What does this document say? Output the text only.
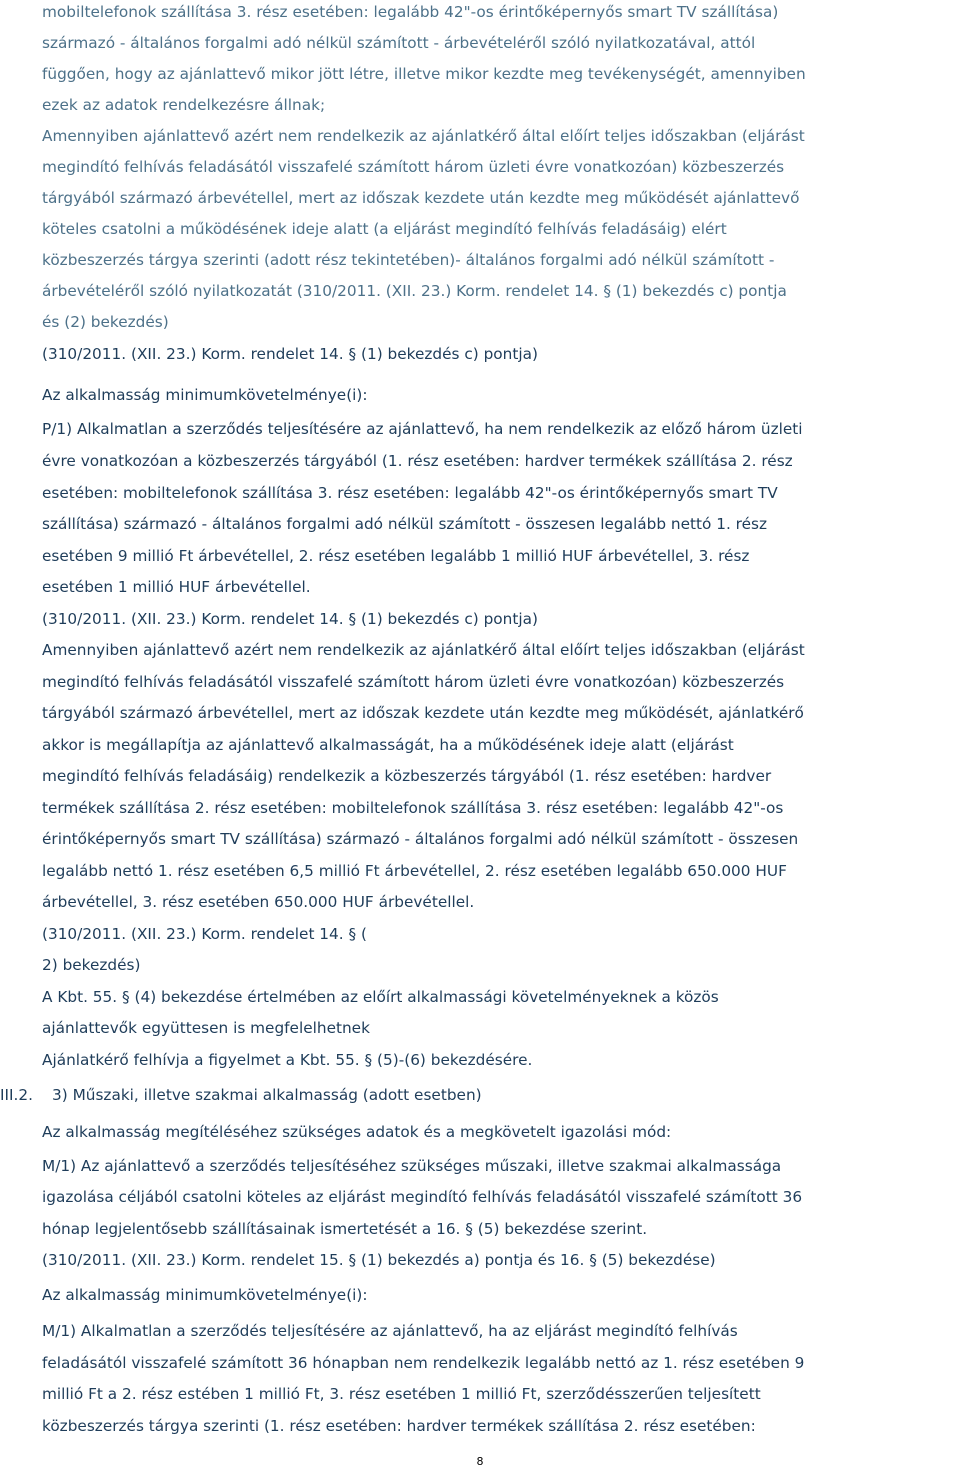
mobiltelefonok szállítása 3. rész esetében: legalább 42"-os érintőképernyős smart TV szállítása)
származó - általános forgalmi adó nélkül számított - árbevételéről szóló nyilatkozatával, attól
függően, hogy az ajánlattevő mikor jött létre, illetve mikor kezdte meg tevékenységét, amennyiben
ezek az adatok rendelkezésre állnak;
Amennyiben ajánlattevő azért nem rendelkezik az ajánlatkérő által előírt teljes időszakban (eljárást
megindító felhívás feladásától visszafelé számított három üzleti évre vonatkozóan) közbeszerzés
tárgyából származó árbevétellel, mert az időszak kezdete után kezdte meg működését ajánlattevő
köteles csatolni a működésének ideje alatt (a eljárást megindító felhívás feladásáig) elért
közbeszerzés tárgya szerinti (adott rész tekintetében)- általános forgalmi adó nélkül számított -
árbevételéről szóló nyilatkozatát (310/2011. (XII. 23.) Korm. rendelet 14. § (1) bekezdés c) pontja
és (2) bekezdés)
(310/2011. (XII. 23.) Korm. rendelet 14. § (1) bekezdés c) pontja)
Az alkalmasság minimumkövetelménye(i):
P/1) Alkalmatlan a szerződés teljesítésére az ajánlattevő, ha nem rendelkezik az előző három üzleti
évre vonatkozóan a közbeszerzés tárgyából (1. rész esetében: hardver termékek szállítása 2. rész
esetében: mobiltelefonok szállítása 3. rész esetében: legalább 42"-os érintőképernyős smart TV
szállítása) származó - általános forgalmi adó nélkül számított - összesen legalább nettó 1. rész
esetében 9 millió Ft árbevétellel, 2. rész esetében legalább 1 millió HUF árbevétellel, 3. rész
esetében 1 millió HUF árbevétellel.
(310/2011. (XII. 23.) Korm. rendelet 14. § (1) bekezdés c) pontja)
Amennyiben ajánlattevő azért nem rendelkezik az ajánlatkérő által előírt teljes időszakban (eljárást
megindító felhívás feladásától visszafelé számított három üzleti évre vonatkozóan) közbeszerzés
tárgyából származó árbevétellel, mert az időszak kezdete után kezdte meg működését, ajánlatkérő
akkor is megállapítja az ajánlattevő alkalmasságát, ha a működésének ideje alatt (eljárást
megindító felhívás feladásáig) rendelkezik a közbeszerzés tárgyából (1. rész esetében: hardver
termékek szállítása 2. rész esetében: mobiltelefonok szállítása 3. rész esetében: legalább 42"-os
érintőképernyős smart TV szállítása) származó - általános forgalmi adó nélkül számított - összesen
legalább nettó 1. rész esetében 6,5 millió Ft árbevétellel, 2. rész esetében legalább 650.000 HUF
árbevétellel, 3. rész esetében 650.000 HUF árbevétellel.
(310/2011. (XII. 23.) Korm. rendelet 14. § (
2) bekezdés)
A Kbt. 55. § (4) bekezdése értelmében az előírt alkalmassági követelményeknek a közös
ajánlattevők együttesen is megfelelhetnek
Ajánlatkérő felhívja a figyelmet a Kbt. 55. § (5)-(6) bekezdésére.
III.2.	3) Műszaki, illetve szakmai alkalmasság (adott esetben)
Az alkalmasság megítéléséhez szükséges adatok és a megkövetelt igazolási mód:
M/1) Az ajánlattevő a szerződés teljesítéséhez szükséges műszaki, illetve szakmai alkalmassága
igazolása céljából csatolni köteles az eljárást megindító felhívás feladásától visszafelé számított 36
hónap legjelentősebb szállításainak ismertetését a 16. § (5) bekezdése szerint.
(310/2011. (XII. 23.) Korm. rendelet 15. § (1) bekezdés a) pontja és 16. § (5) bekezdése)
Az alkalmasság minimumkövetelménye(i):
M/1) Alkalmatlan a szerződés teljesítésére az ajánlattevő, ha az eljárást megindító felhívás
feladásától visszafelé számított 36 hónapban nem rendelkezik legalább nettó az 1. rész esetében 9
millió Ft a 2. rész estében 1 millió Ft, 3. rész esetében 1 millió Ft, szerződésszerűen teljesített
közbeszerzés tárgya szerinti (1. rész esetében: hardver termékek szállítása 2. rész esetében:
8
